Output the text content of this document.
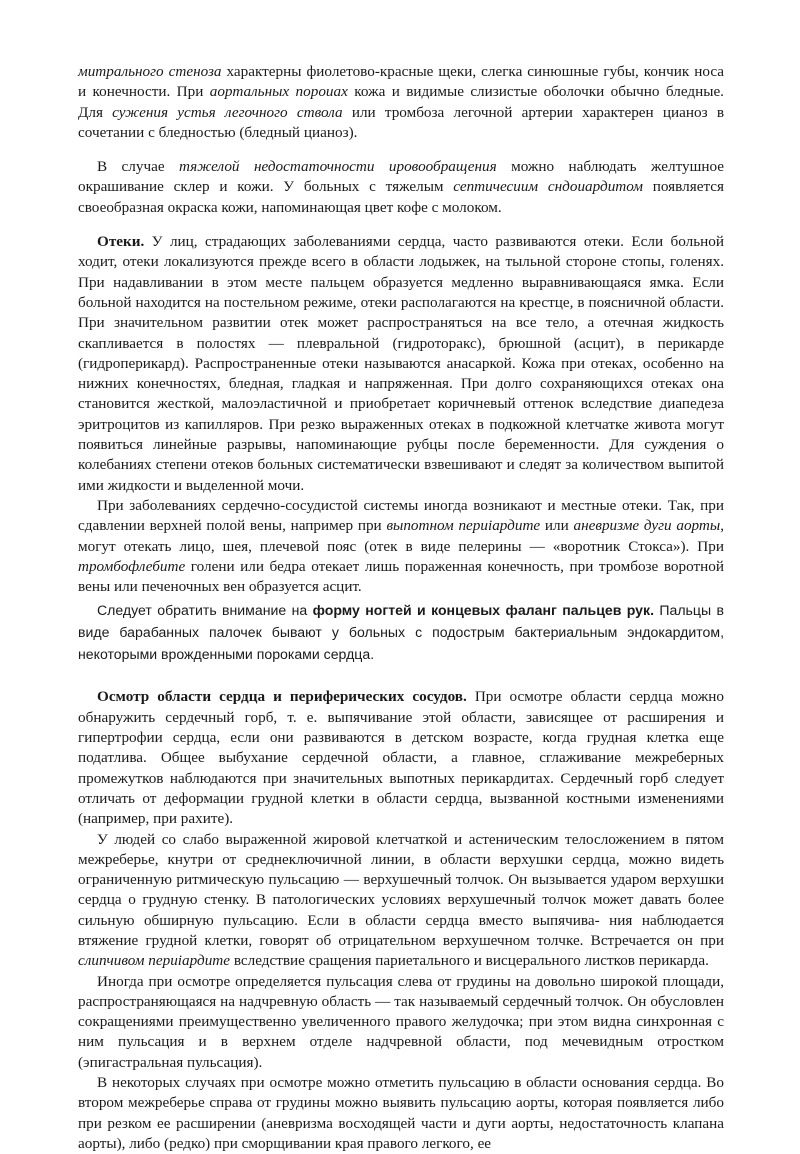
митрального стеноза характерны фиолетово-красные щеки, слегка синюшные губы, кончик носа и конечности. При аортальных пороиах кожа и видимые слизистые оболочки обычно бледные. Для сужения устья легочного ствола или тромбоза легочной артерии характерен цианоз в сочетании с бледностью (бледный цианоз).

В случае тяжелой недостаточности ировообращения можно наблюдать желтушное окрашивание склер и кожи. У больных с тяжелым септичесиим сндоиардитом появляется своеобразная окраска кожи, напоминающая цвет кофе с молоком.

Отеки. У лиц, страдающих заболеваниями сердца, часто развиваются отеки. Если больной ходит, отеки локализуются прежде всего в области лодыжек, на тыльной стороне стопы, голенях. При надавливании в этом месте пальцем образуется медленно выравнивающаяся ямка. Если больной находится на постельном режиме, отеки располагаются на крестце, в поясничной области. При значительном развитии отек может распространяться на все тело, а отечная жидкость скапливается в полостях — плевральной (гидроторакс), брюшной (асцит), в перикарде (гидроперикард). Распространенные отеки называются анасаркой. Кожа при отеках, особенно на нижних конечностях, бледная, гладкая и напряженная. При долго сохраняющихся отеках она становится жесткой, малоэластичной и приобретает коричневый оттенок вследствие диапедеза эритроцитов из капилляров. При резко выраженных отеках в подкожной клетчатке живота могут появиться линейные разрывы, напоминающие рубцы после беременности. Для суждения о колебаниях степени отеков больных систематически взвешивают и следят за количеством выпитой ими жидкости и выделенной мочи.

При заболеваниях сердечно-сосудистой системы иногда возникают и местные отеки. Так, при сдавлении верхней полой вены, например при выпотном периiардите или аневризме дуги аорты, могут отекать лицо, шея, плечевой пояс (отек в виде пелерины — «воротник Стокса»). При тромбофлебите голени или бедра отекает лишь пораженная конечность, при тромбозе воротной вены или печеночных вен образуется асцит.

Следует обратить внимание на форму ногтей и концевых фаланг пальцев рук. Пальцы в виде барабанных палочек бывают у больных с подострым бактериальным эндокардитом, некоторыми врожденными пороками сердца.

Осмотр области сердца и периферических сосудов. При осмотре области сердца можно обнаружить сердечный горб, т. е. выпячивание этой области, зависящее от расширения и гипертрофии сердца, если они развиваются в детском возрасте, когда грудная клетка еще податлива. Общее выбухание сердечной области, а главное, сглаживание межреберных промежутков наблюдаются при значительных выпотных перикардитах. Сердечный горб следует отличать от деформации грудной клетки в области сердца, вызванной костными изменениями (например, при рахите).

У людей со слабо выраженной жировой клетчаткой и астеническим телосложением в пятом межреберье, кнутри от среднеключичной линии, в области верхушки сердца, можно видеть ограниченную ритмическую пульсацию — верхушечный толчок. Он вызывается ударом верхушки сердца о грудную стенку. В патологических условиях верхушечный толчок может давать более сильную обширную пульсацию. Если в области сердца вместо выпячива- ния наблюдается втяжение грудной клетки, говорят об отрицательном верхушечном толчке. Встречается он при слипчивом периiардите вследствие сращения париетального и висцерального листков перикарда.

Иногда при осмотре определяется пульсация слева от грудины на довольно широкой площади, распространяющаяся на надчревную область — так называемый сердечный толчок. Он обусловлен сокращениями преимущественно увеличенного правого желудочка; при этом видна синхронная с ним пульсация и в верхнем отделе надчревной области, под мечевидным отростком (эпигастральная пульсация).

В некоторых случаях при осмотре можно отметить пульсацию в области основания сердца. Во втором межреберье справа от грудины можно выявить пульсацию аорты, которая появляется либо при резком ее расширении (аневризма восходящей части и дуги аорты, недостаточность клапана аорты), либо (редко) при сморщивании края правого легкого, ее
